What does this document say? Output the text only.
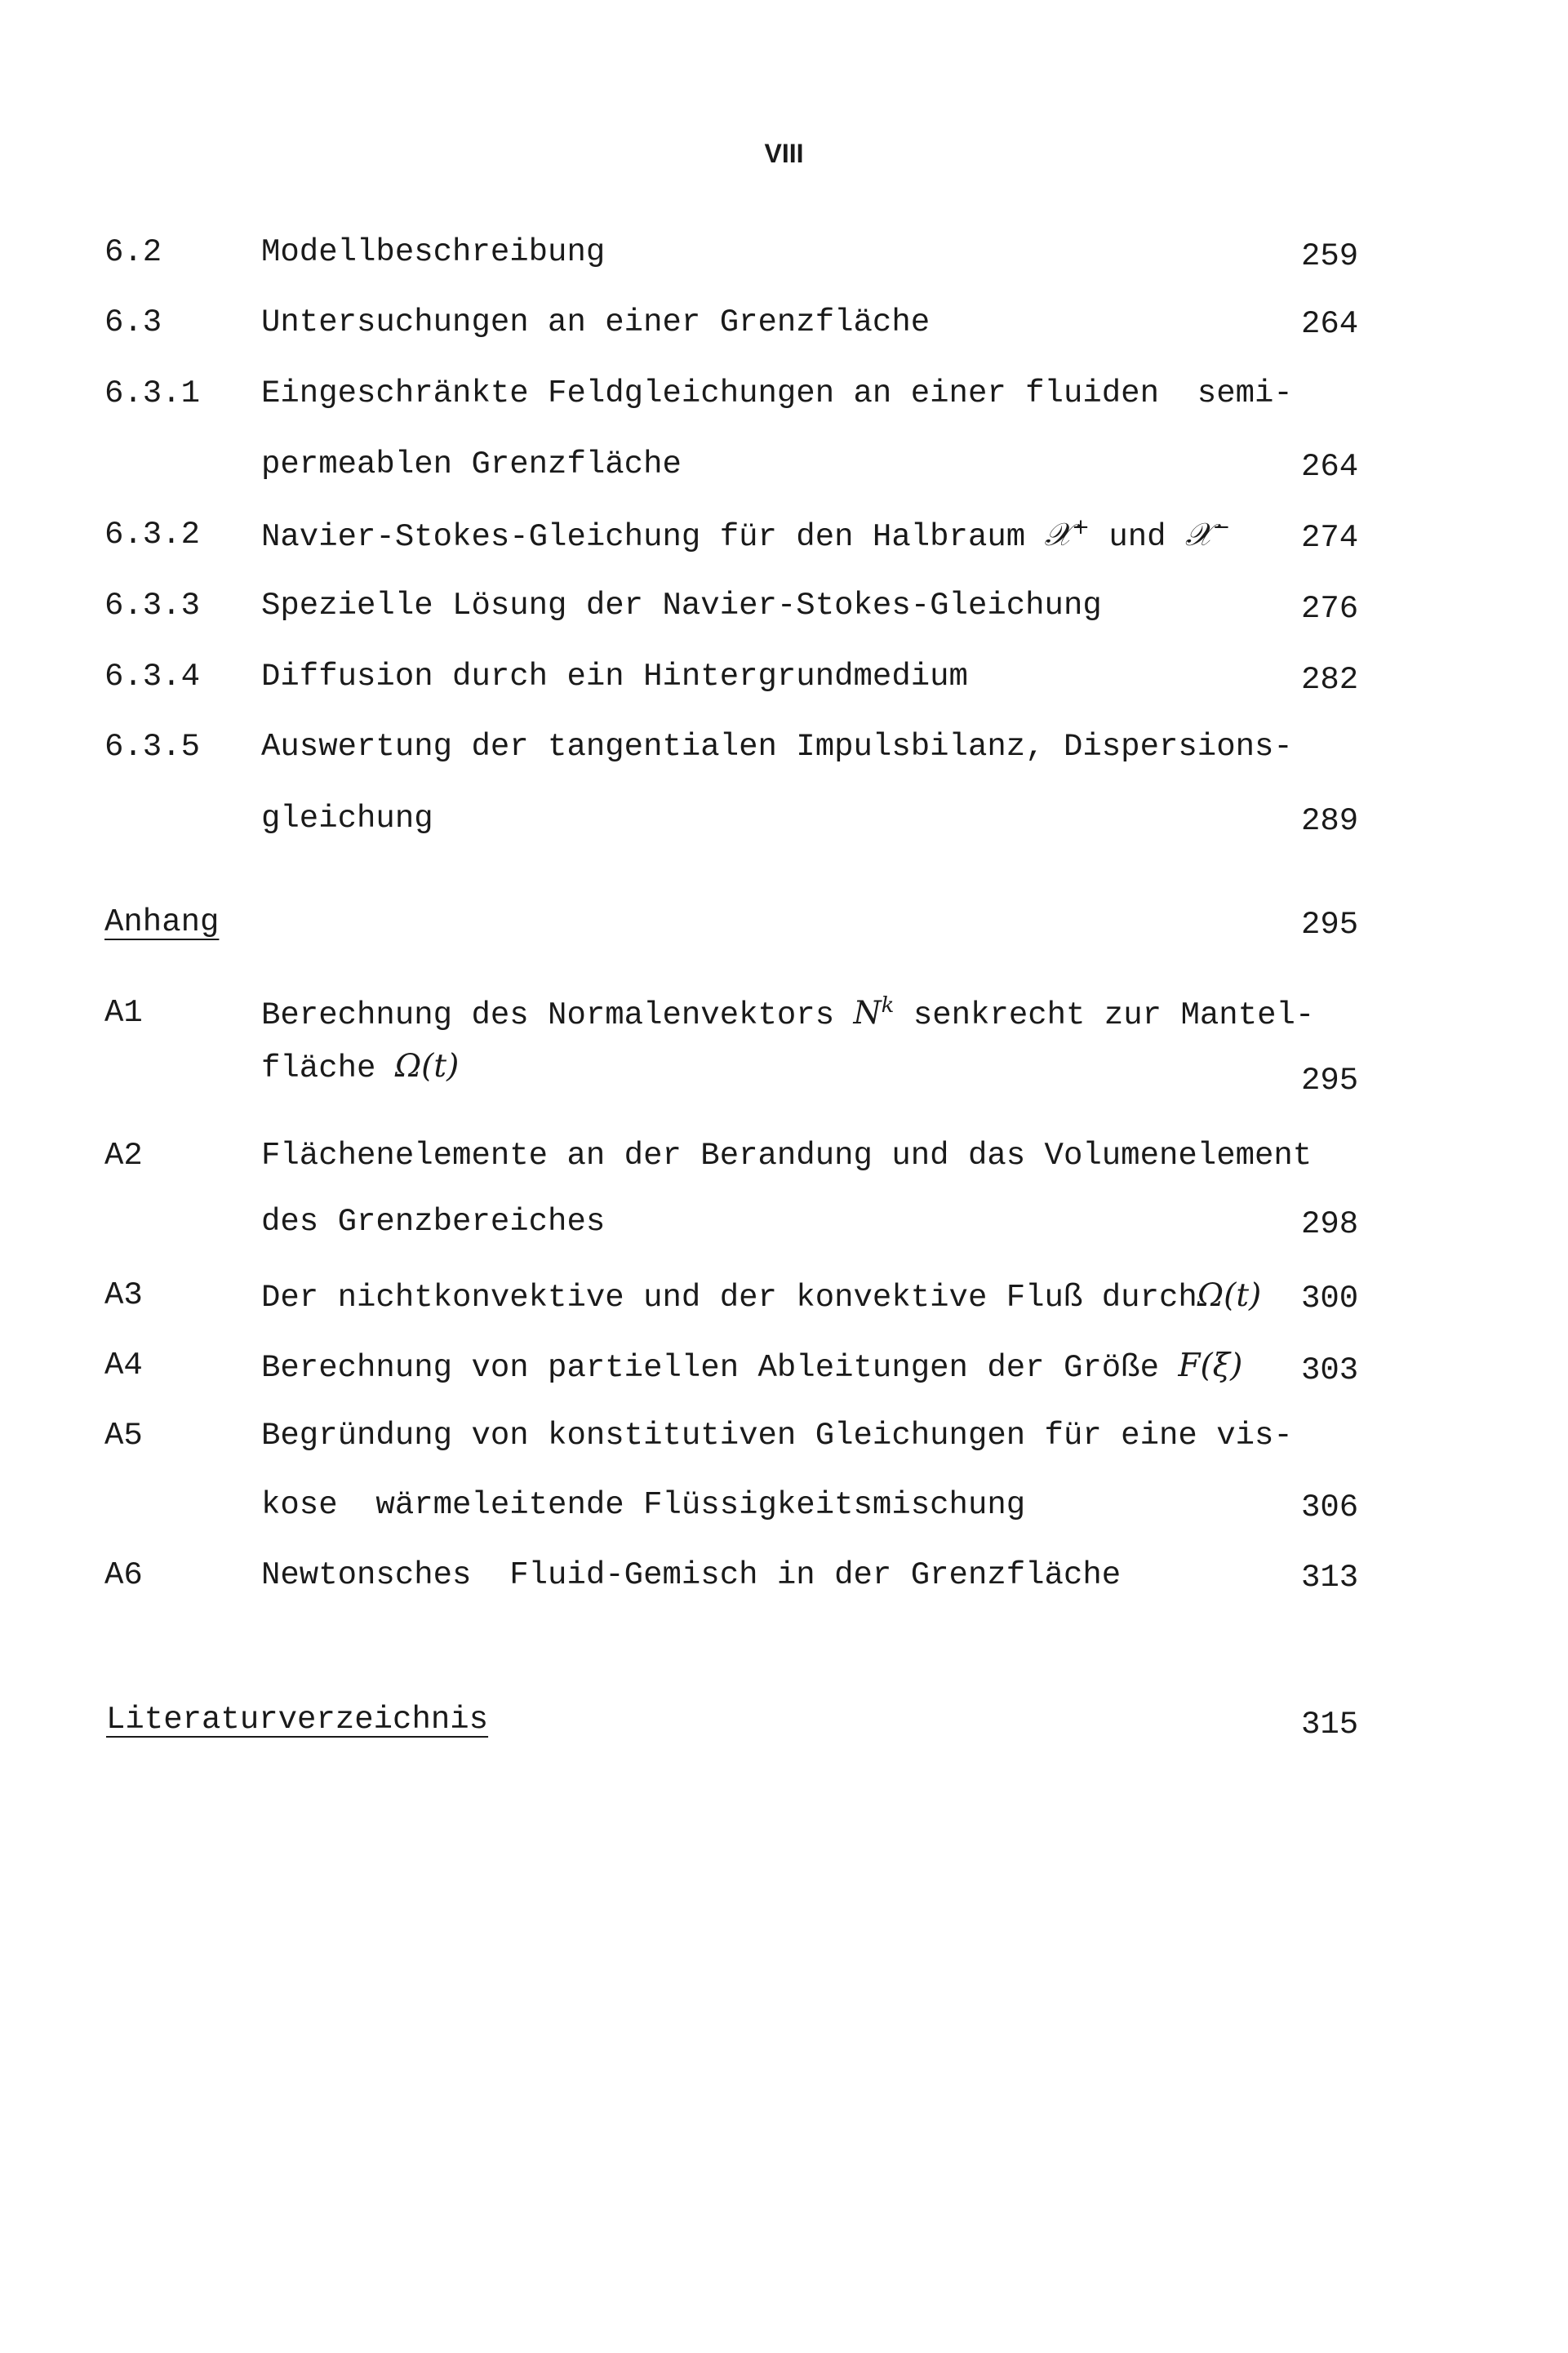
VIII
6.2	Modellbeschreibung	259
6.3	Untersuchungen an einer Grenzfläche	264
6.3.1 Eingeschränkte Feldgleichungen an einer fluiden  semi-
permeablen Grenzfläche	264
6.3.2 Navier-Stokes-Gleichung für den Halbraum 𝒳+ und 𝒳− 274
6.3.3 Spezielle Lösung der Navier-Stokes-Gleichung	276
6.3.4 Diffusion durch ein Hintergrundmedium	282
6.3.5 Auswertung der tangentialen Impulsbilanz, Dispersions-
gleichung	289
Anhang	295
A1	Berechnung des Normalenvektors $N^k$ senkrecht zur Mantel-
fläche Ω(t)	295
A2	Flächenelemente an der Berandung und das Volumenelement
des Grenzbereiches	298
A3	Der nichtkonvektive und der konvektive Fluß durchΩ(t) 300
A4	Berechnung von partiellen Ableitungen der Größe F(ξ) 303
A5	Begründung von konstitutiven Gleichungen für eine vis-
kose  wärmeleitende Flüssigkeitsmischung	306
A6	Newtonsches  Fluid-Gemisch in der Grenzfläche	313
Literaturverzeichnis	315
